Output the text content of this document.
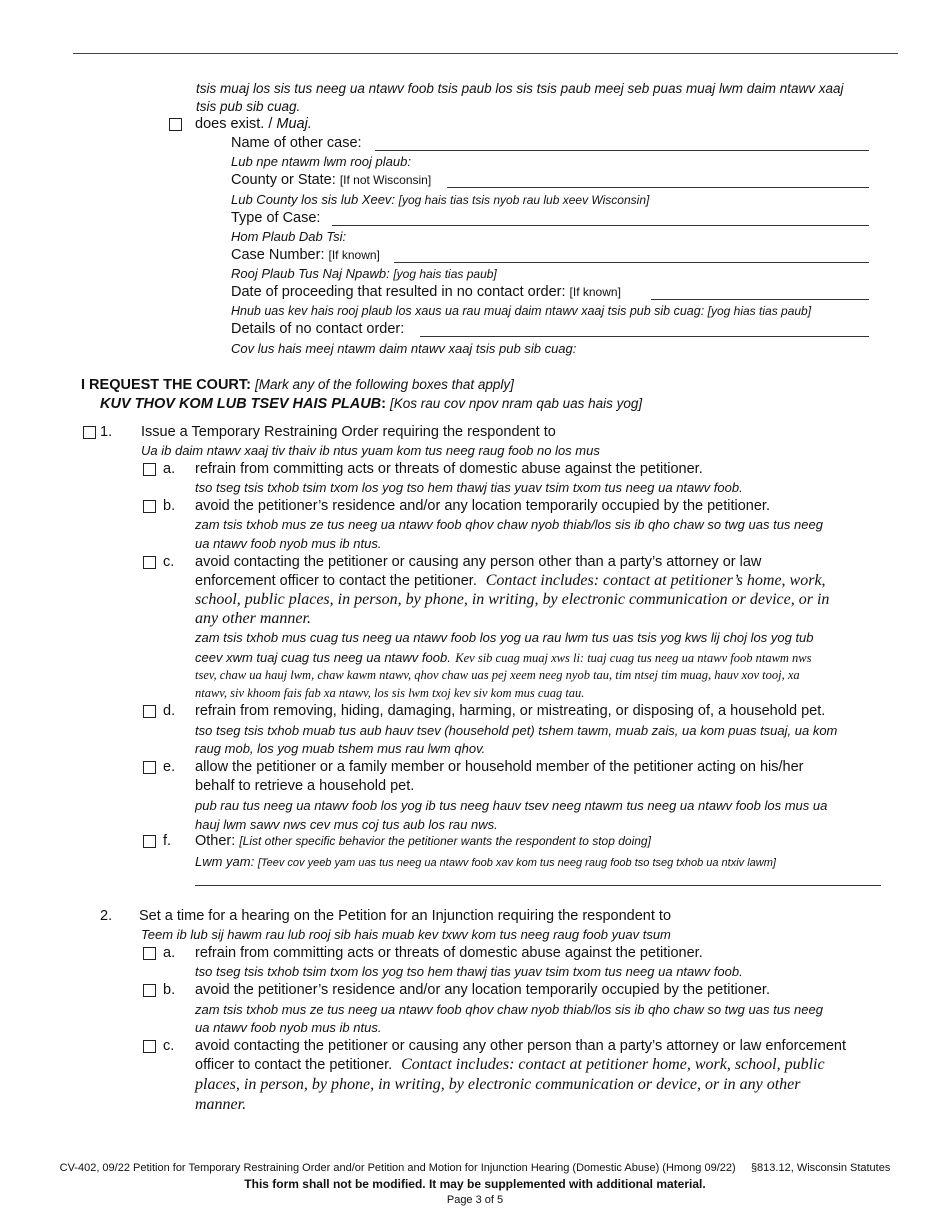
tsis muaj los sis tus neeg ua ntawv foob tsis paub los sis tsis paub meej seb puas muaj lwm daim ntawv xaaj
tsis pub sib cuag.
does exist. / Muaj.
Name of other case:
Lub npe ntawm lwm rooj plaub:
County or State: [If not Wisconsin]
Lub County los sis lub Xeev: [yog hais tias tsis nyob rau lub xeev Wisconsin]
Type of Case:
Hom Plaub Dab Tsi:
Case Number: [If known]
Rooj Plaub Tus Naj Npawb: [yog hais tias paub]
Date of proceeding that resulted in no contact order: [If known]
Hnub uas kev hais rooj plaub los xaus ua rau muaj daim ntawv xaaj tsis pub sib cuag: [yog hias tias paub]
Details of no contact order:
Cov lus hais meej ntawm daim ntawv xaaj tsis pub sib cuag:
I REQUEST THE COURT: [Mark any of the following boxes that apply]
KUV THOV KOM LUB TSEV HAIS PLAUB: [Kos rau cov npov nram qab uas hais yog]
1. Issue a Temporary Restraining Order requiring the respondent to
Ua ib daim ntawv xaaj tiv thaiv ib ntus yuam kom tus neeg raug foob no los mus
a. refrain from committing acts or threats of domestic abuse against the petitioner.
tso tseg tsis txhob tsim txom los yog tso hem thawj tias yuav tsim txom tus neeg ua ntawv foob.
b. avoid the petitioner’s residence and/or any location temporarily occupied by the petitioner.
zam tsis txhob mus ze tus neeg ua ntawv foob qhov chaw nyob thiab/los sis ib qho chaw so twg uas tus neeg
ua ntawv foob nyob mus ib ntus.
c. avoid contacting the petitioner or causing any person other than a party’s attorney or law
enforcement officer to contact the petitioner. Contact includes: contact at petitioner’s home, work,
school, public places, in person, by phone, in writing, by electronic communication or device, or in
any other manner.
zam tsis txhob mus cuag tus neeg ua ntawv foob los yog ua rau lwm tus uas tsis yog kws lij choj los yog tub
ceev xwm tuaj cuag tus neeg ua ntawv foob. Kev sib cuag muaj xws li: tuaj cuag tus neeg ua ntawv foob ntawm nws
tsev, chaw ua hauj lwm, chaw kawm ntawv, qhov chaw uas pej xeem neeg nyob tau, tim ntsej tim muag, hauv xov tooj, xa
ntawv, siv khoom fais fab xa ntawv, los sis lwm txoj kev siv kom mus cuag tau.
d. refrain from removing, hiding, damaging, harming, or mistreating, or disposing of, a household pet.
tso tseg tsis txhob muab tus aub hauv tsev (household pet) tshem tawm, muab zais, ua kom puas tsuaj, ua kom
raug mob, los yog muab tshem mus rau lwm qhov.
e. allow the petitioner or a family member or household member of the petitioner acting on his/her
behalf to retrieve a household pet.
pub rau tus neeg ua ntawv foob los yog ib tus neeg hauv tsev neeg ntawm tus neeg ua ntawv foob los mus ua
hauj lwm sawv nws cev mus coj tus aub los rau nws.
f. Other: [List other specific behavior the petitioner wants the respondent to stop doing]
Lwm yam: [Teev cov yeeb yam uas tus neeg ua ntawv foob xav kom tus neeg raug foob tso tseg txhob ua ntxiv lawm]
2. Set a time for a hearing on the Petition for an Injunction requiring the respondent to
Teem ib lub sij hawm rau lub rooj sib hais muab kev txwv kom tus neeg raug foob yuav tsum
a. refrain from committing acts or threats of domestic abuse against the petitioner.
tso tseg tsis txhob tsim txom los yog tso hem thawj tias yuav tsim txom tus neeg ua ntawv foob.
b. avoid the petitioner’s residence and/or any location temporarily occupied by the petitioner.
zam tsis txhob mus ze tus neeg ua ntawv foob qhov chaw nyob thiab/los sis ib qho chaw so twg uas tus neeg
ua ntawv foob nyob mus ib ntus.
c. avoid contacting the petitioner or causing any other person than a party’s attorney or law enforcement
officer to contact the petitioner. Contact includes: contact at petitioner home, work, school, public
places, in person, by phone, in writing, by electronic communication or device, or in any other
manner.
CV-402, 09/22 Petition for Temporary Restraining Order and/or Petition and Motion for Injunction Hearing (Domestic Abuse) (Hmong 09/22)     §813.12, Wisconsin Statutes
This form shall not be modified. It may be supplemented with additional material.
Page 3 of 5
